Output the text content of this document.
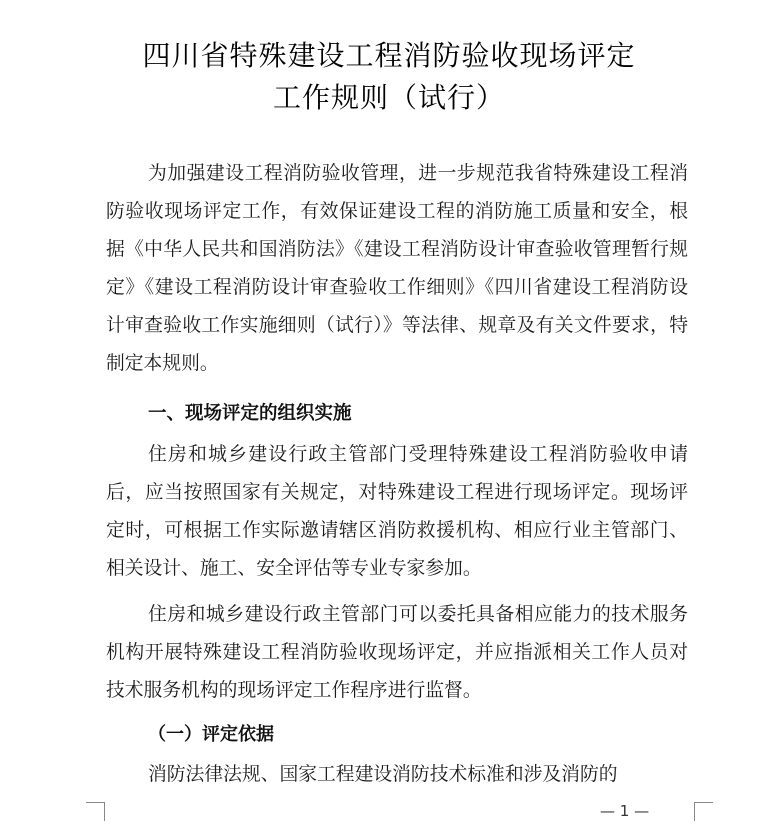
四川省特殊建设工程消防验收现场评定
工作规则（试行）

为加强建设工程消防验收管理，进一步规范我省特殊建设工程消防验收现场评定工作，有效保证建设工程的消防施工质量和安全，根据《中华人民共和国消防法》《建设工程消防设计审查验收管理暂行规定》《建设工程消防设计审查验收工作细则》《四川省建设工程消防设计审查验收工作实施细则（试行）》等法律、规章及有关文件要求，特制定本规则。

一、现场评定的组织实施

住房和城乡建设行政主管部门受理特殊建设工程消防验收申请后，应当按照国家有关规定，对特殊建设工程进行现场评定。现场评定时，可根据工作实际邀请辖区消防救援机构、相应行业主管部门、相关设计、施工、安全评估等专业专家参加。

住房和城乡建设行政主管部门可以委托具备相应能力的技术服务机构开展特殊建设工程消防验收现场评定，并应指派相关工作人员对技术服务机构的现场评定工作程序进行监督。

（一）评定依据

消防法律法规、国家工程建设消防技术标准和涉及消防的

— 1 —
